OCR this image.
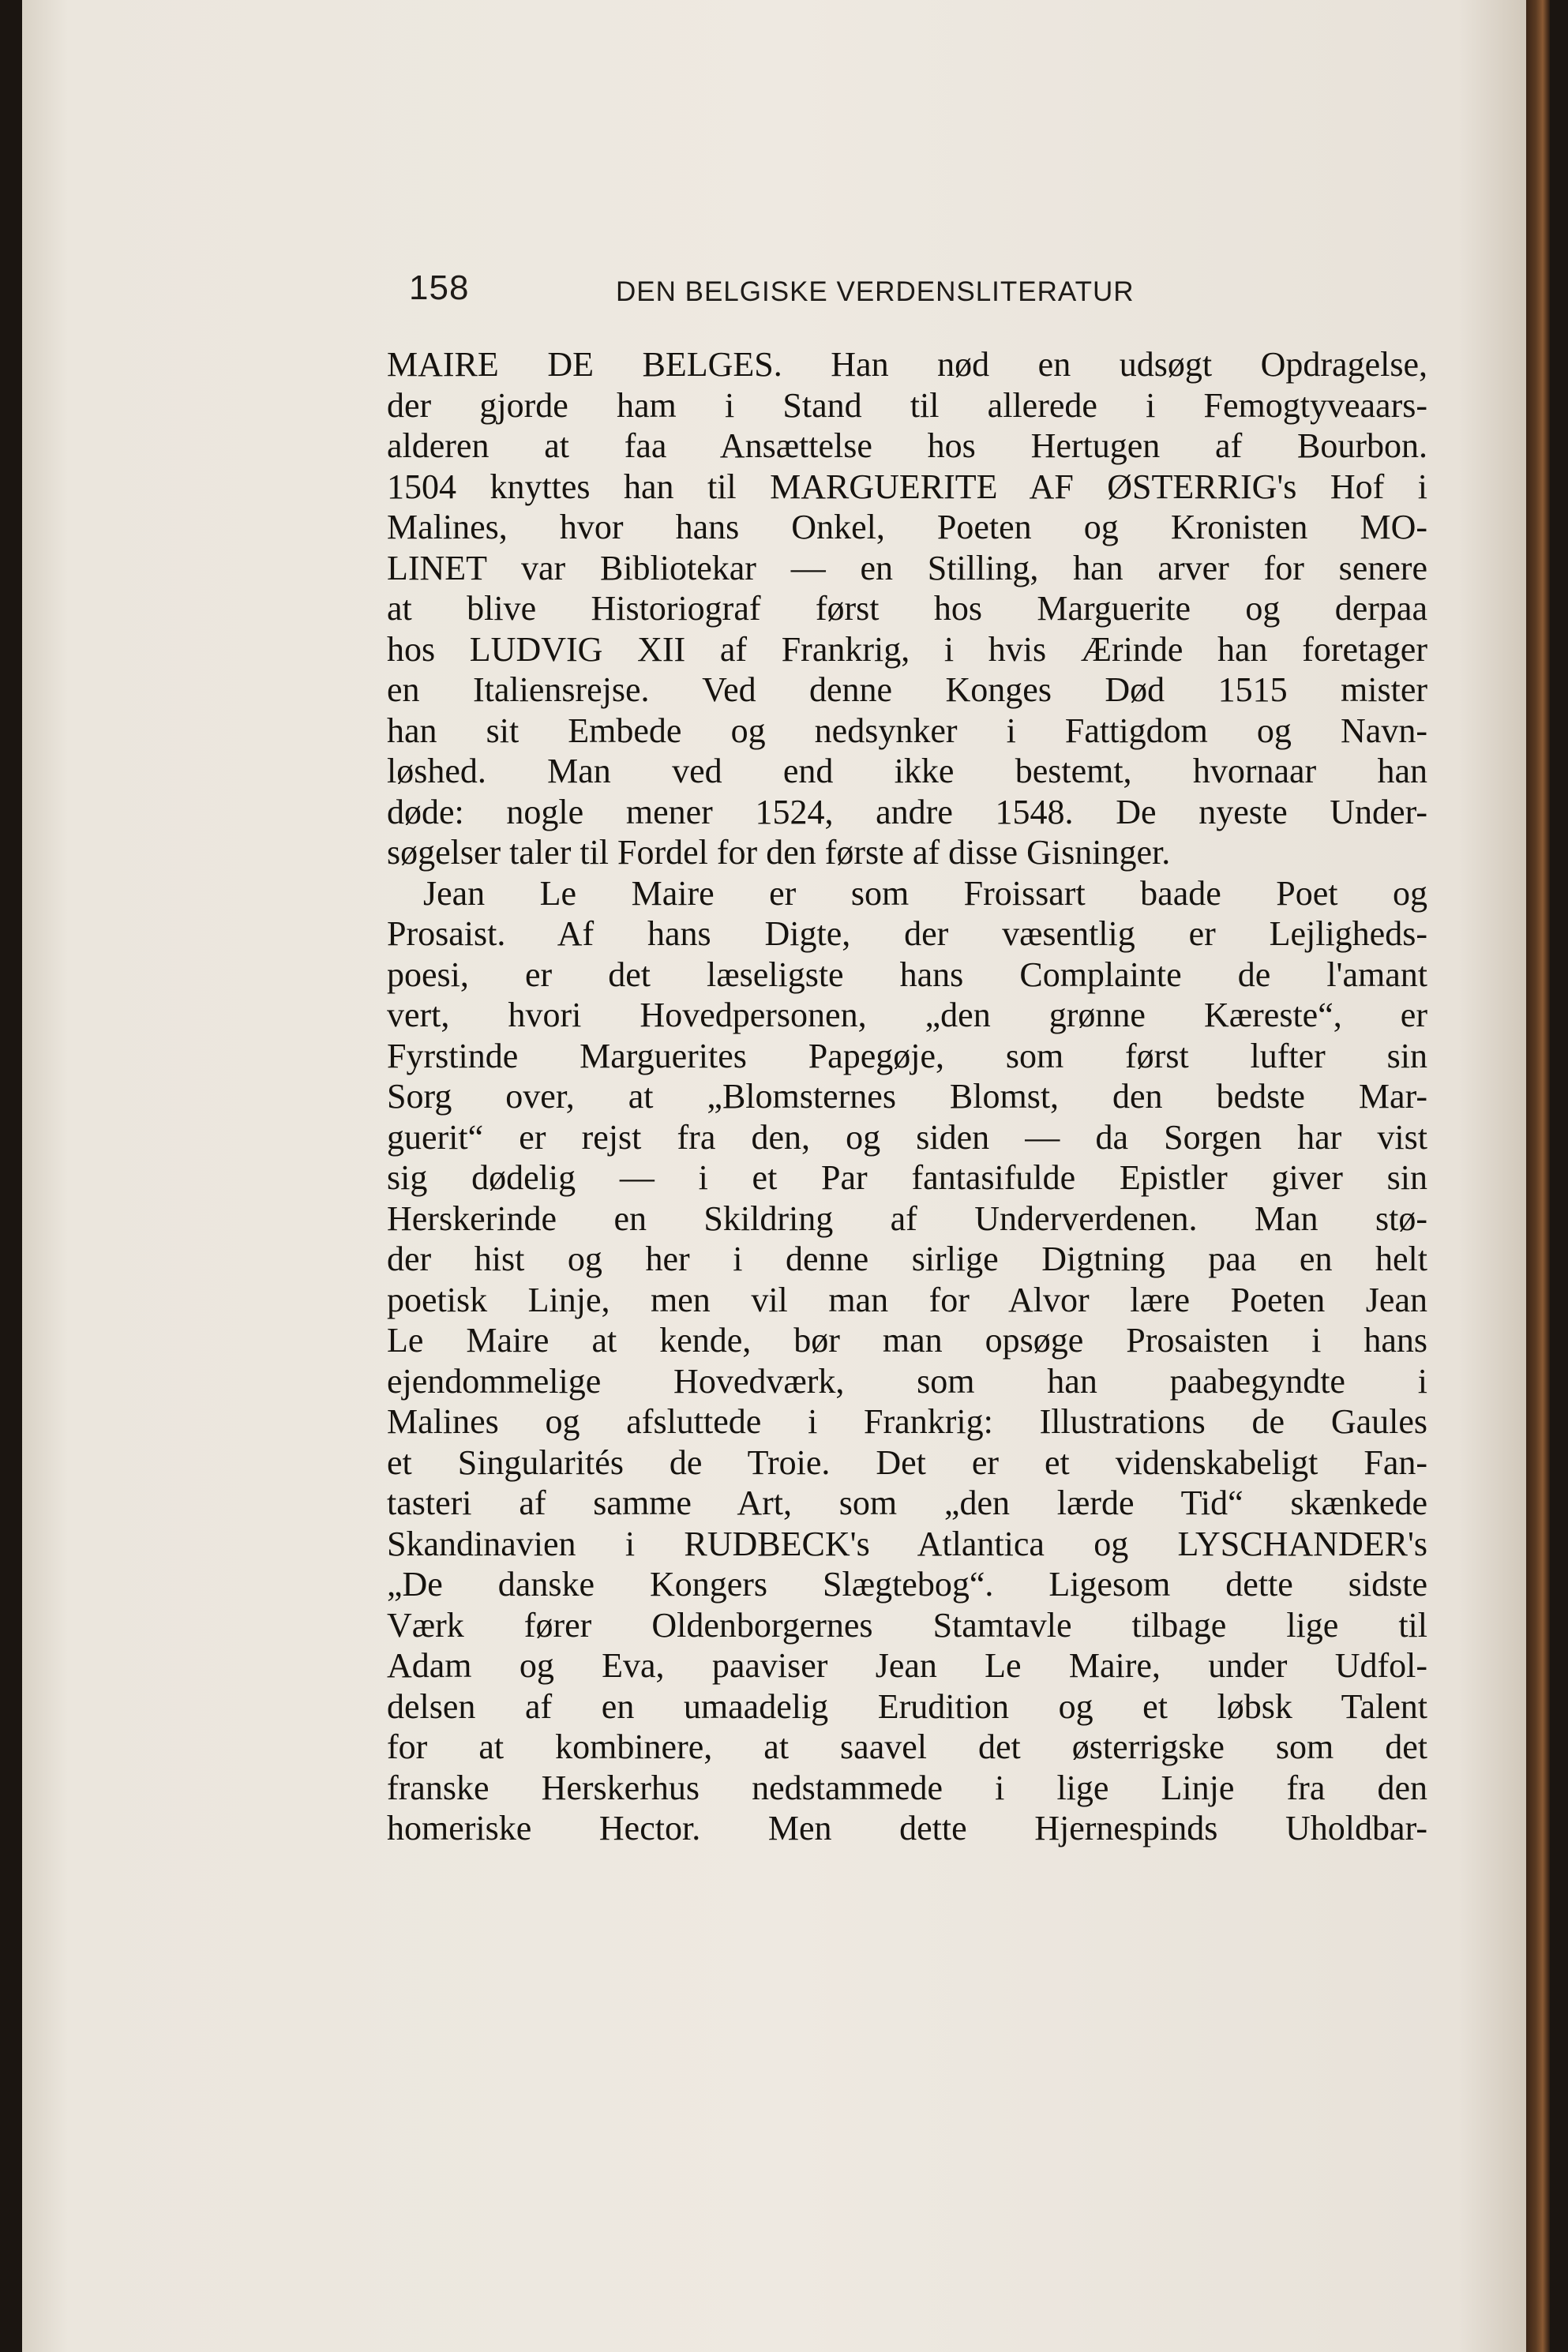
158	DEN BELGISKE VERDENSLITERATUR
MAIRE DE BELGES. Han nød en udsøgt Opdragelse,
der gjorde ham i Stand til allerede i Femogtyveaars-
alderen at faa Ansættelse hos Hertugen af Bourbon.
1504 knyttes han til MARGUERITE AF ØSTERRIG's Hof i
Malines, hvor hans Onkel, Poeten og Kronisten MO-
LINET var Bibliotekar — en Stilling, han arver for senere
at blive Historiograf først hos Marguerite og derpaa
hos LUDVIG XII af Frankrig, i hvis Ærinde han foretager
en Italiensrejse. Ved denne Konges Død 1515 mister
han sit Embede og nedsynker i Fattigdom og Navn-
løshed. Man ved end ikke bestemt, hvornaar han
døde: nogle mener 1524, andre 1548. De nyeste Under-
søgelser taler til Fordel for den første af disse Gisninger.
Jean Le Maire er som Froissart baade Poet og
Prosaist. Af hans Digte, der væsentlig er Lejligheds-
poesi, er det læseligste hans Complainte de l'amant
vert, hvori Hovedpersonen, „den grønne Kæreste“, er
Fyrstinde Marguerites Papegøje, som først lufter sin
Sorg over, at „Blomsternes Blomst, den bedste Mar-
guerit“ er rejst fra den, og siden — da Sorgen har vist
sig dødelig — i et Par fantasifulde Epistler giver sin
Herskerinde en Skildring af Underverdenen. Man stø-
der hist og her i denne sirlige Digtning paa en helt
poetisk Linje, men vil man for Alvor lære Poeten Jean
Le Maire at kende, bør man opsøge Prosaisten i hans
ejendommelige Hovedværk, som han paabegyndte i
Malines og afsluttede i Frankrig: Illustrations de Gaules
et Singularités de Troie. Det er et videnskabeligt Fan-
tasteri af samme Art, som „den lærde Tid“ skænkede
Skandinavien i RUDBECK's Atlantica og LYSCHANDER's
„De danske Kongers Slægtebog“. Ligesom dette sidste
Værk fører Oldenborgernes Stamtavle tilbage lige til
Adam og Eva, paaviser Jean Le Maire, under Udfol-
delsen af en umaadelig Erudition og et løbsk Talent
for at kombinere, at saavel det østerrigske som det
franske Herskerhus nedstammede i lige Linje fra den
homeriske Hector. Men dette Hjernespinds Uholdbar-
